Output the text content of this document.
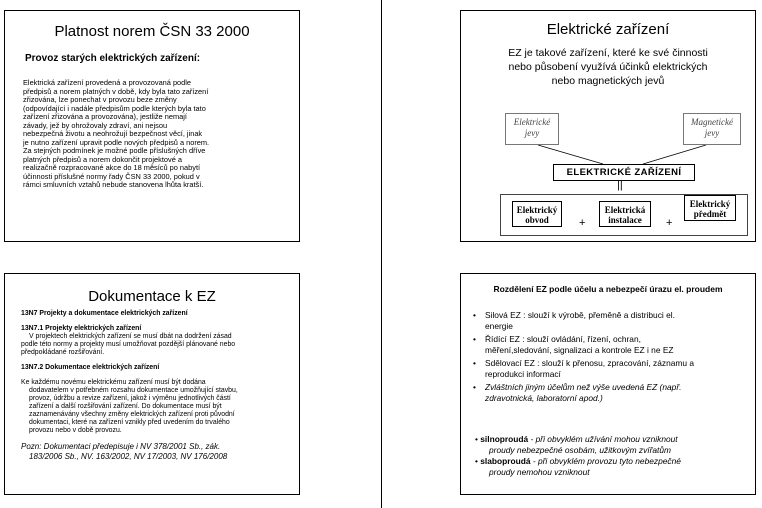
Platnost norem ČSN 33 2000
Provoz starých elektrických zařízení:
Elektrická zařízení provedená a provozovaná podle
předpisů a norem platných v době, kdy byla tato zařízení
zřizována, lze ponechat v provozu beze změny
(odpovídající i nadále předpisům podle kterých byla tato
zařízení zřizována a provozována), jestliže nemají
závady, jež by ohrožovaly zdraví, ani nejsou
nebezpečná životu a neohrožují bezpečnost věcí, jinak
je nutno zařízení upravit podle nových předpisů a norem.
Za stejných podmínek je možné podle příslušných dříve
platných předpisů a norem dokončit projektové a
realizačně rozpracované akce do 18 měsíců po nabytí
účinnosti příslušné normy řady ČSN 33 2000, pokud v
rámci smluvních vztahů nebude stanovena lhůta kratší.
Elektrické zařízení
EZ je takové zařízení, které ke své činnosti
nebo působení využívá účinků elektrických
nebo magnetických jevů
Elektrické
jevy
Magnetické
jevy
ELEKTRICKÉ ZAŘÍZENÍ
||
Elektrický
obvod	+
Elektrická
instalace	+
Elektrický
předmět
Dokumentace k EZ
13N7 Projekty a dokumentace elektrických zařízení
13N7.1 Projekty elektrických zařízení
V projektech elektrických zařízení se musí dbát na dodržení zásad
podle této normy a projekty musí umožňovat pozdější plánované nebo
předpokládané rozšiřování.
13N7.2 Dokumentace elektrických zařízení
Ke každému novému elektrickému zařízení musí být dodána
dodavatelem v potřebném rozsahu dokumentace umožňující stavbu,
provoz, údržbu a revize zařízení, jakož i výměnu jednotlivých částí
zařízení a další rozšiřování zařízení. Do dokumentace musí být
zaznamenávány všechny změny elektrických zařízení proti původní
dokumentaci, které na zařízení vznikly před uvedením do trvalého
provozu nebo v době provozu.
Pozn: Dokumentaci předepisuje i NV 378/2001 Sb., zák.
183/2006 Sb., NV. 163/2002, NV 17/2003, NV 176/2008
Rozdělení EZ podle účelu a nebezpečí úrazu el. proudem
• Silová EZ : slouží k výrobě, přeměně a distribuci el.
energie
• Řídící EZ : slouží ovládání, řízení, ochran,
měření,sledování, signalizaci a kontrole EZ i ne EZ
• Sdělovací EZ : slouží k přenosu, zpracování, záznamu a
reprodukci informací
• Zvláštních jiným účelům než výše uvedená EZ (např.
zdravotnická, laboratorní apod.)
• silnoproudá - při obvyklém užívání mohou vzniknout
proudy nebezpečné osobám, užitkovým zvířatům
• slaboproudá - při obvyklém provozu tyto nebezpečné
proudy nemohou vzniknout
